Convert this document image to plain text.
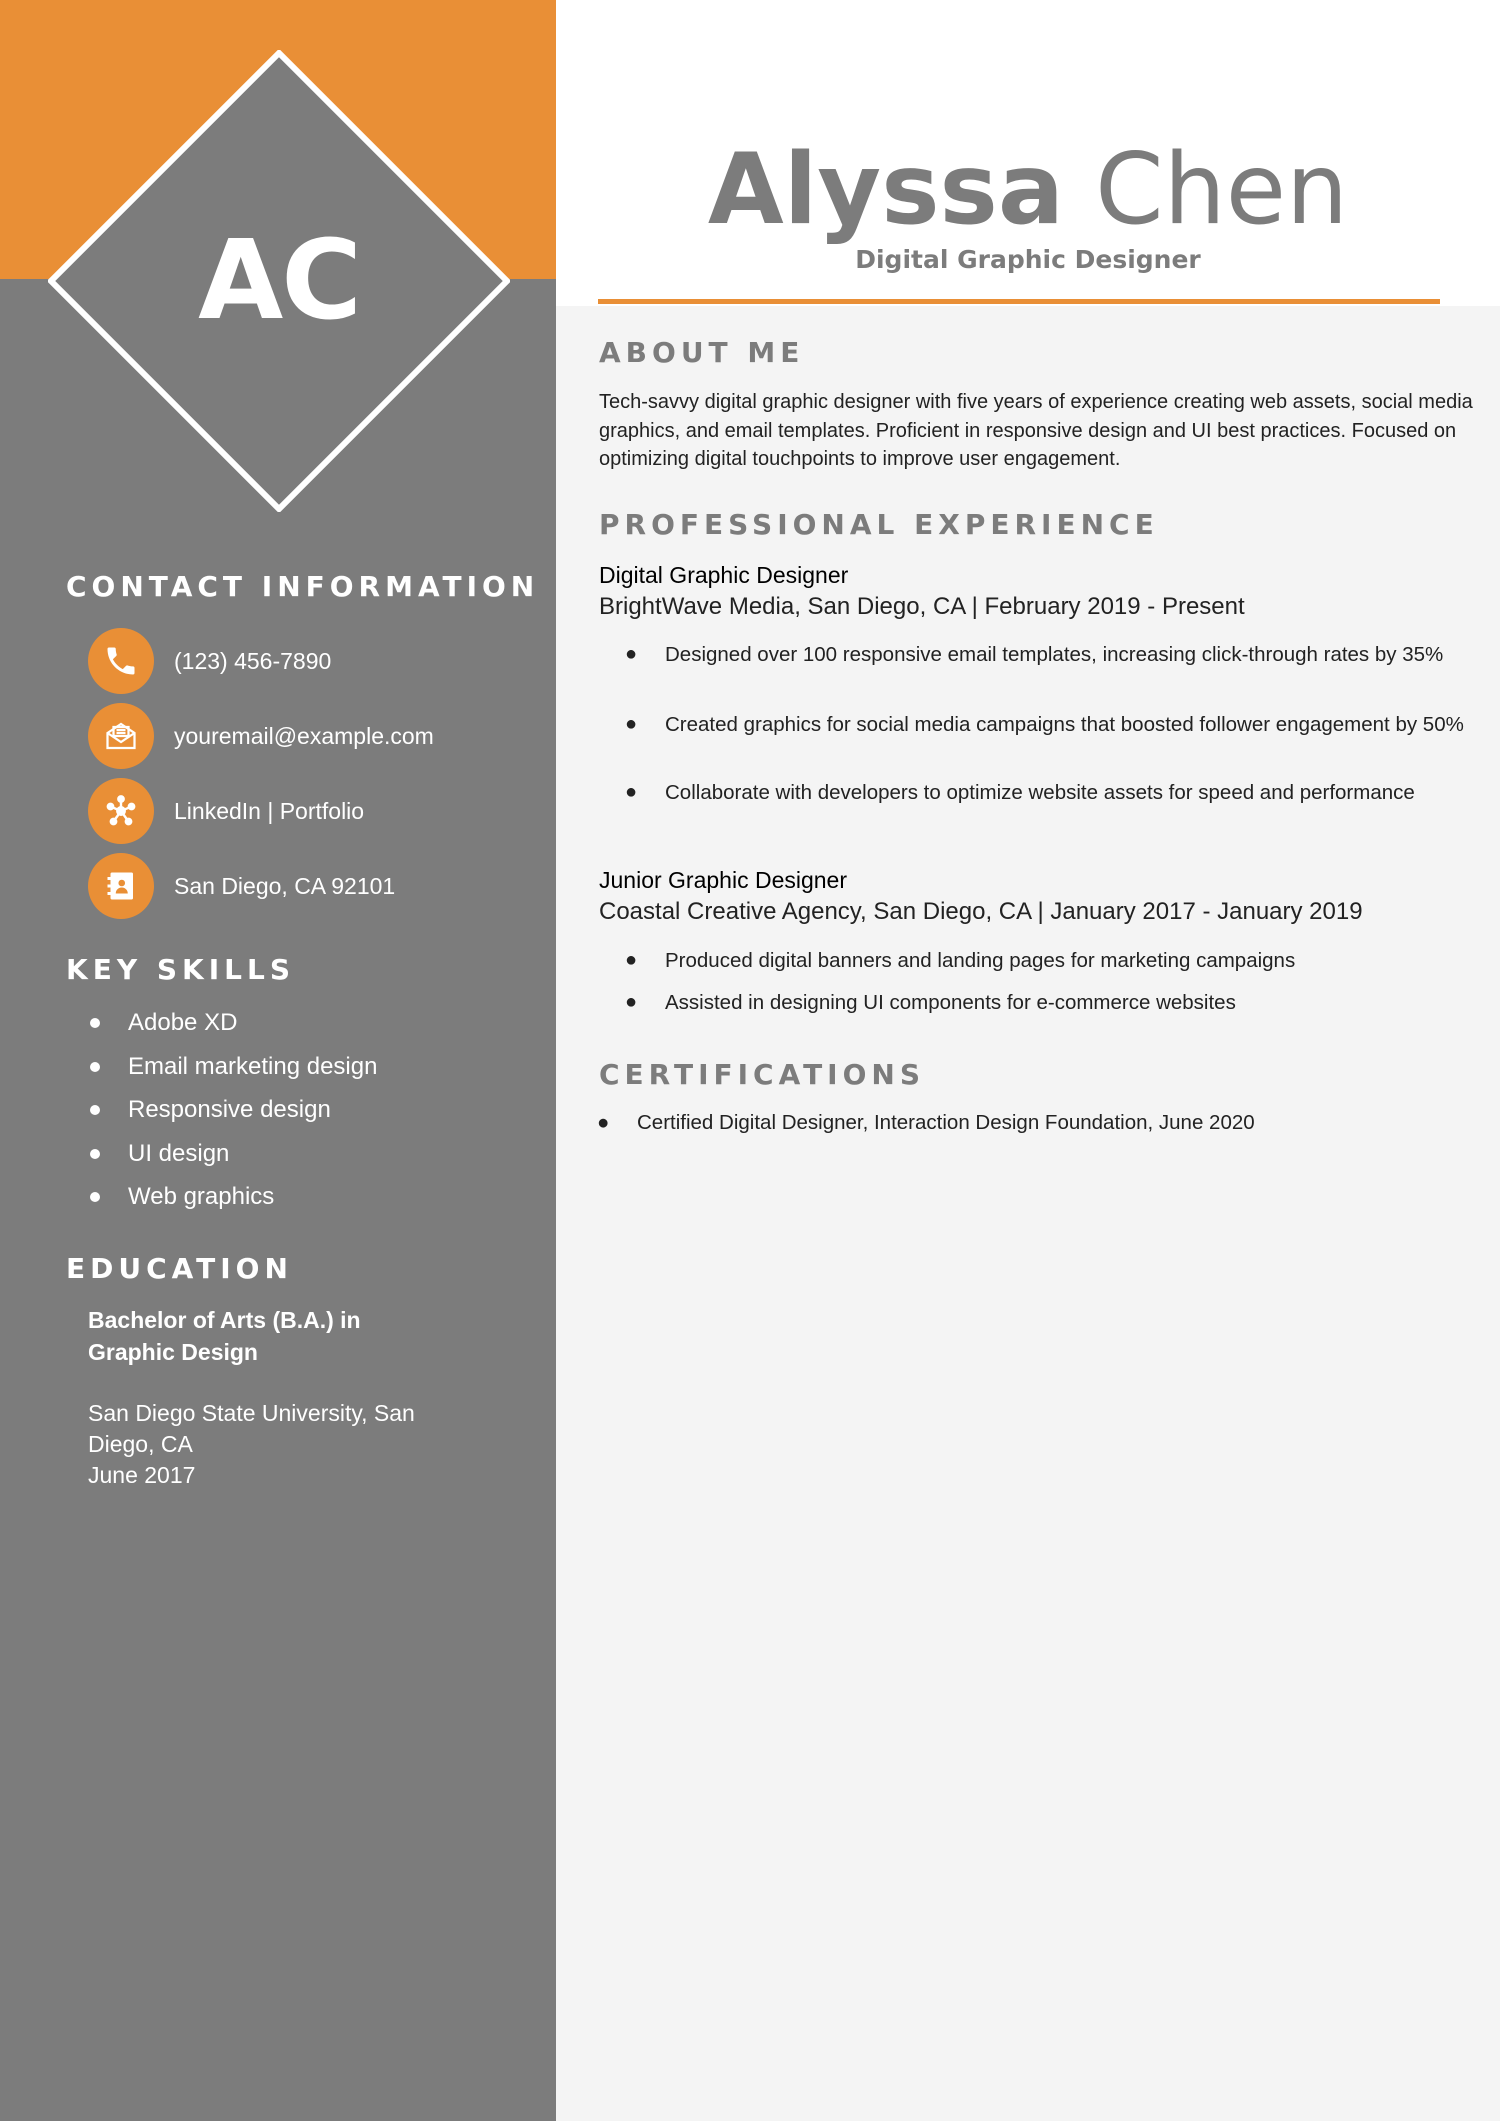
AC
CONTACT INFORMATION
(123) 456-7890
youremail@example.com
LinkedIn | Portfolio
San Diego, CA 92101
KEY SKILLS
Adobe XD
Email marketing design
Responsive design
UI design
Web graphics
EDUCATION
Bachelor of Arts (B.A.) in
Graphic Design
San Diego State University, San
Diego, CA
June 2017
Alyssa Chen
Digital Graphic Designer
ABOUT ME
Tech-savvy digital graphic designer with five years of experience creating web assets, social media graphics, and email templates. Proficient in responsive design and UI best practices. Focused on optimizing digital touchpoints to improve user engagement.
PROFESSIONAL EXPERIENCE
Digital Graphic Designer
BrightWave Media, San Diego, CA | February 2019 - Present
●	Designed over 100 responsive email templates, increasing click-through rates by 35%
●	Created graphics for social media campaigns that boosted follower engagement by 50%
●	Collaborate with developers to optimize website assets for speed and performance
Junior Graphic Designer
Coastal Creative Agency, San Diego, CA | January 2017 - January 2019
●	Produced digital banners and landing pages for marketing campaigns
●	Assisted in designing UI components for e-commerce websites
CERTIFICATIONS
●	Certified Digital Designer, Interaction Design Foundation, June 2020
